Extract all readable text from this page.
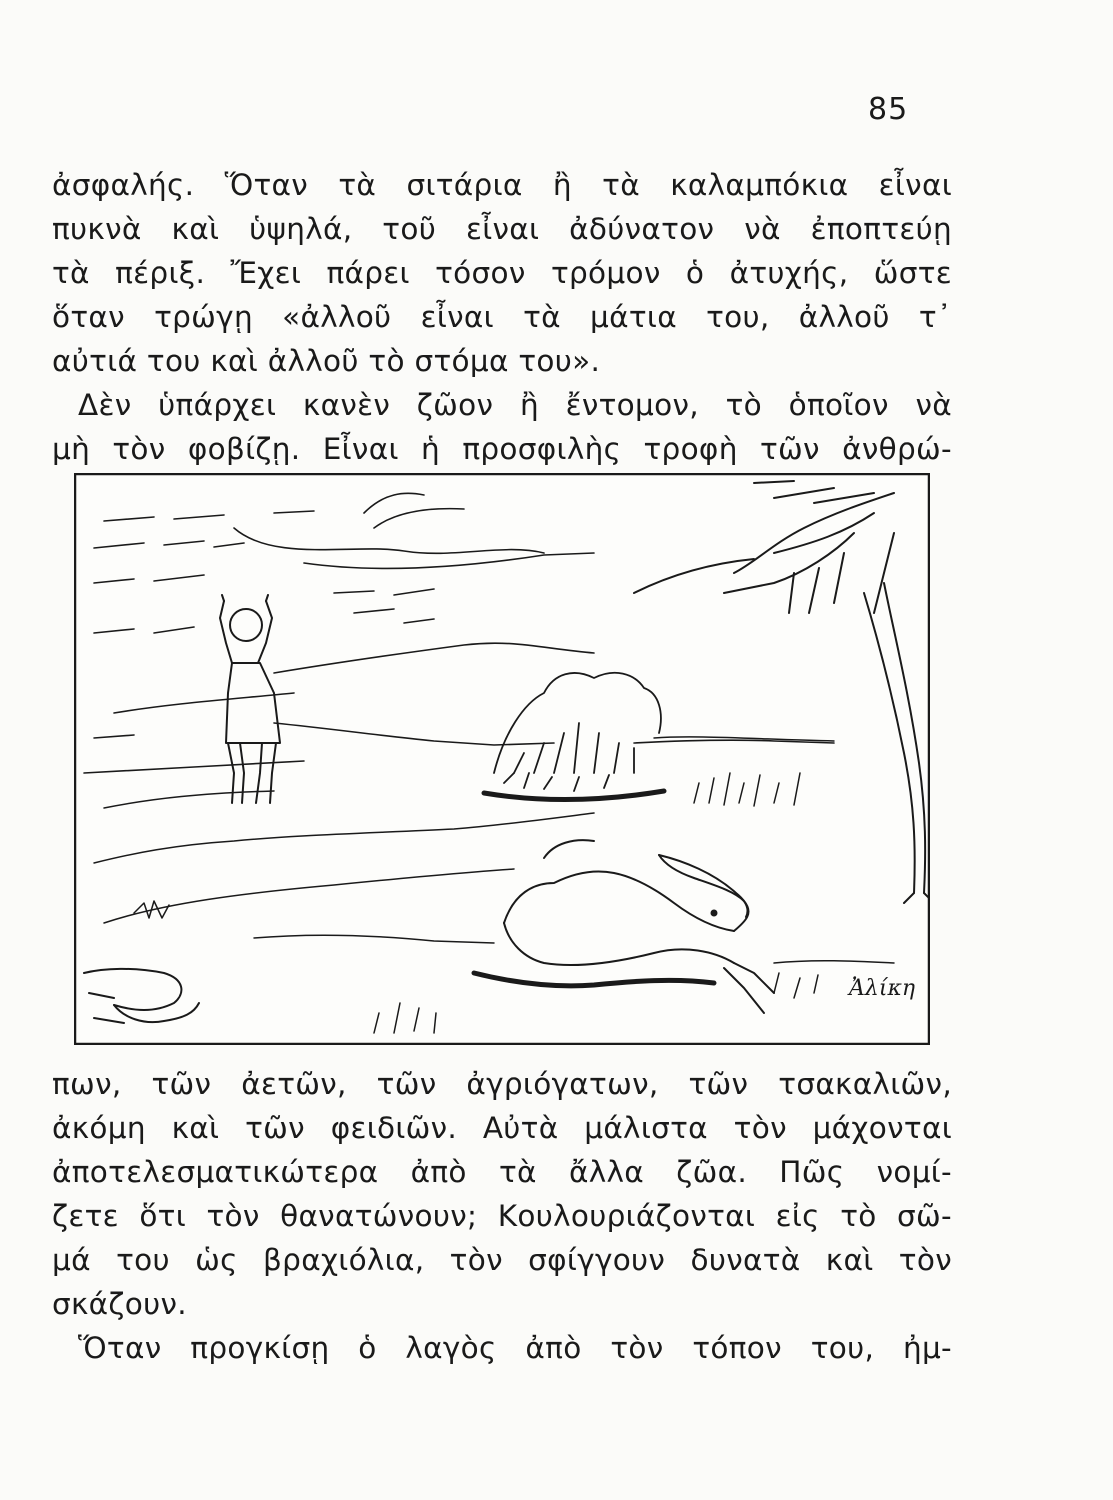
85
ἀσφαλής. Ὅταν τὰ σιτάρια ἢ τὰ καλαμπόκια εἶναι
πυκνὰ καὶ ὑψηλά, τοῦ εἶναι ἀδύνατον νὰ ἐποπτεύῃ
τὰ πέριξ. Ἔχει πάρει τόσον τρόμον ὁ ἀτυχής, ὥστε
ὅταν τρώγῃ «ἀλλοῦ εἶναι τὰ μάτια του, ἀλλοῦ τ᾽
αὐτιά του καὶ ἀλλοῦ τὸ στόμα του».
Δὲν ὑπάρχει κανὲν ζῶον ἢ ἔντομον, τὸ ὁποῖον νὰ
μὴ τὸν φοβίζῃ. Εἶναι ἡ προσφιλὴς τροφὴ τῶν ἀνθρώ-
Ἀλίκη
πων, τῶν ἀετῶν, τῶν ἀγριόγατων, τῶν τσακαλιῶν,
ἀκόμη καὶ τῶν φειδιῶν. Αὐτὰ μάλιστα τὸν μάχονται
ἀποτελεσματικώτερα ἀπὸ τὰ ἄλλα ζῶα. Πῶς νομί-
ζετε ὅτι τὸν θανατώνουν; Κουλουριάζονται εἰς τὸ σῶ-
μά του ὡς βραχιόλια, τὸν σφίγγουν δυνατὰ καὶ τὸν
σκάζουν.
Ὅταν προγκίσῃ ὁ λαγὸς ἀπὸ τὸν τόπον του, ἠμ-
